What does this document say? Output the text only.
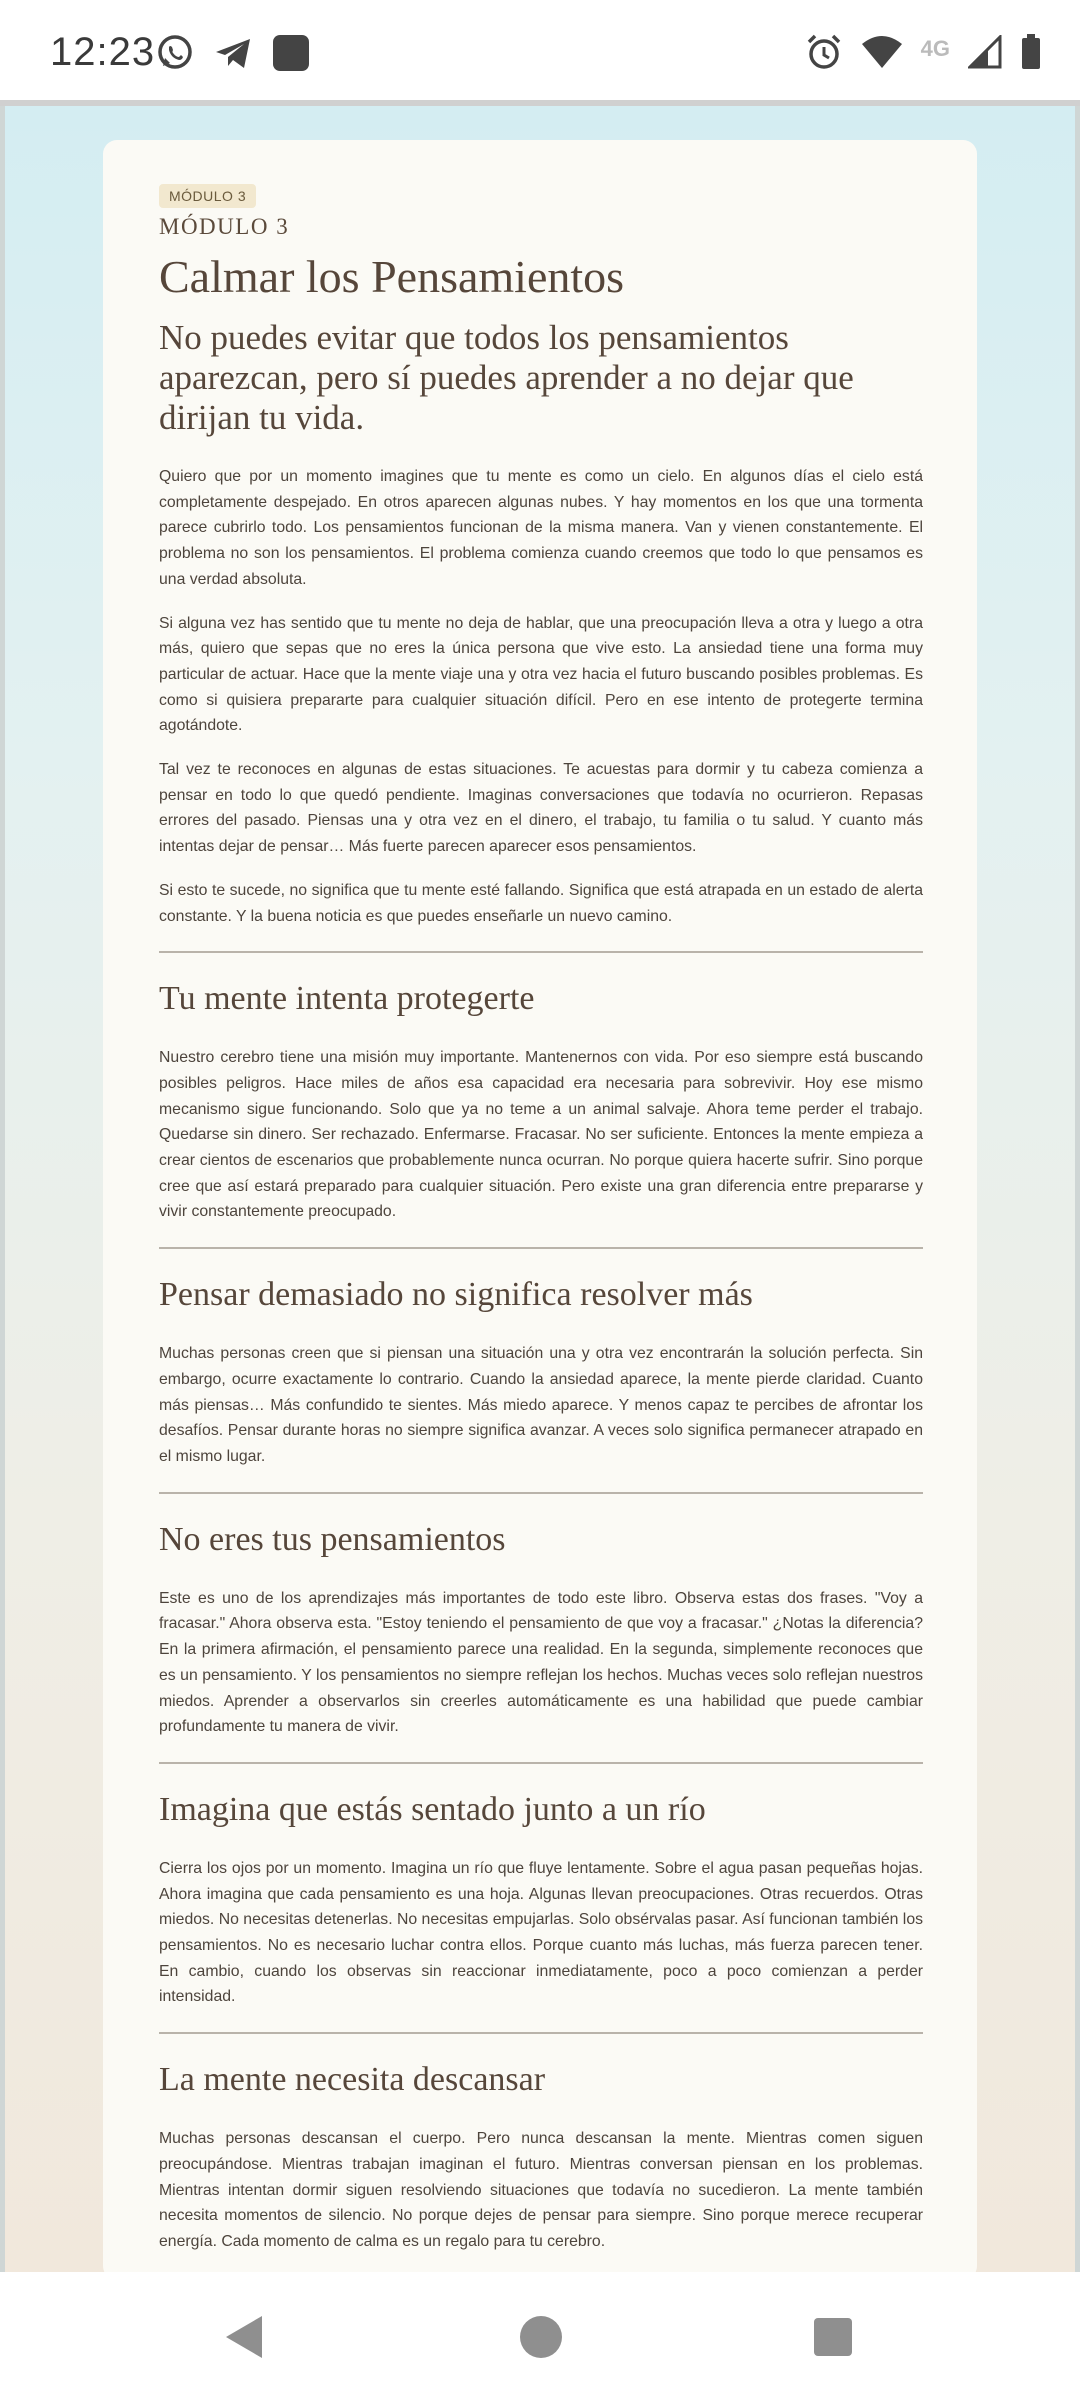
12:23	4G
MÓDULO 3
MÓDULO 3
Calmar los Pensamientos
No puedes evitar que todos los pensamientos aparezcan, pero sí puedes aprender a no dejar que dirijan tu vida.

Quiero que por un momento imagines que tu mente es como un cielo. En algunos días el cielo está completamente despejado. En otros aparecen algunas nubes. Y hay momentos en los que una tormenta parece cubrirlo todo. Los pensamientos funcionan de la misma manera. Van y vienen constantemente. El problema no son los pensamientos. El problema comienza cuando creemos que todo lo que pensamos es una verdad absoluta.

Si alguna vez has sentido que tu mente no deja de hablar, que una preocupación lleva a otra y luego a otra más, quiero que sepas que no eres la única persona que vive esto. La ansiedad tiene una forma muy particular de actuar. Hace que la mente viaje una y otra vez hacia el futuro buscando posibles problemas. Es como si quisiera prepararte para cualquier situación difícil. Pero en ese intento de protegerte termina agotándote.

Tal vez te reconoces en algunas de estas situaciones. Te acuestas para dormir y tu cabeza comienza a pensar en todo lo que quedó pendiente. Imaginas conversaciones que todavía no ocurrieron. Repasas errores del pasado. Piensas una y otra vez en el dinero, el trabajo, tu familia o tu salud. Y cuanto más intentas dejar de pensar… Más fuerte parecen aparecer esos pensamientos.

Si esto te sucede, no significa que tu mente esté fallando. Significa que está atrapada en un estado de alerta constante. Y la buena noticia es que puedes enseñarle un nuevo camino.

Tu mente intenta protegerte

Nuestro cerebro tiene una misión muy importante. Mantenernos con vida. Por eso siempre está buscando posibles peligros. Hace miles de años esa capacidad era necesaria para sobrevivir. Hoy ese mismo mecanismo sigue funcionando. Solo que ya no teme a un animal salvaje. Ahora teme perder el trabajo. Quedarse sin dinero. Ser rechazado. Enfermarse. Fracasar. No ser suficiente. Entonces la mente empieza a crear cientos de escenarios que probablemente nunca ocurran. No porque quiera hacerte sufrir. Sino porque cree que así estará preparado para cualquier situación. Pero existe una gran diferencia entre prepararse y vivir constantemente preocupado.

Pensar demasiado no significa resolver más

Muchas personas creen que si piensan una situación una y otra vez encontrarán la solución perfecta. Sin embargo, ocurre exactamente lo contrario. Cuando la ansiedad aparece, la mente pierde claridad. Cuanto más piensas… Más confundido te sientes. Más miedo aparece. Y menos capaz te percibes de afrontar los desafíos. Pensar durante horas no siempre significa avanzar. A veces solo significa permanecer atrapado en el mismo lugar.

No eres tus pensamientos

Este es uno de los aprendizajes más importantes de todo este libro. Observa estas dos frases. "Voy a fracasar." Ahora observa esta. "Estoy teniendo el pensamiento de que voy a fracasar." ¿Notas la diferencia? En la primera afirmación, el pensamiento parece una realidad. En la segunda, simplemente reconoces que es un pensamiento. Y los pensamientos no siempre reflejan los hechos. Muchas veces solo reflejan nuestros miedos. Aprender a observarlos sin creerles automáticamente es una habilidad que puede cambiar profundamente tu manera de vivir.

Imagina que estás sentado junto a un río

Cierra los ojos por un momento. Imagina un río que fluye lentamente. Sobre el agua pasan pequeñas hojas. Ahora imagina que cada pensamiento es una hoja. Algunas llevan preocupaciones. Otras recuerdos. Otras miedos. No necesitas detenerlas. No necesitas empujarlas. Solo obsérvalas pasar. Así funcionan también los pensamientos. No es necesario luchar contra ellos. Porque cuanto más luchas, más fuerza parecen tener. En cambio, cuando los observas sin reaccionar inmediatamente, poco a poco comienzan a perder intensidad.

La mente necesita descansar

Muchas personas descansan el cuerpo. Pero nunca descansan la mente. Mientras comen siguen preocupándose. Mientras trabajan imaginan el futuro. Mientras conversan piensan en los problemas. Mientras intentan dormir siguen resolviendo situaciones que todavía no sucedieron. La mente también necesita momentos de silencio. No porque dejes de pensar para siempre. Sino porque merece recuperar energía. Cada momento de calma es un regalo para tu cerebro.
